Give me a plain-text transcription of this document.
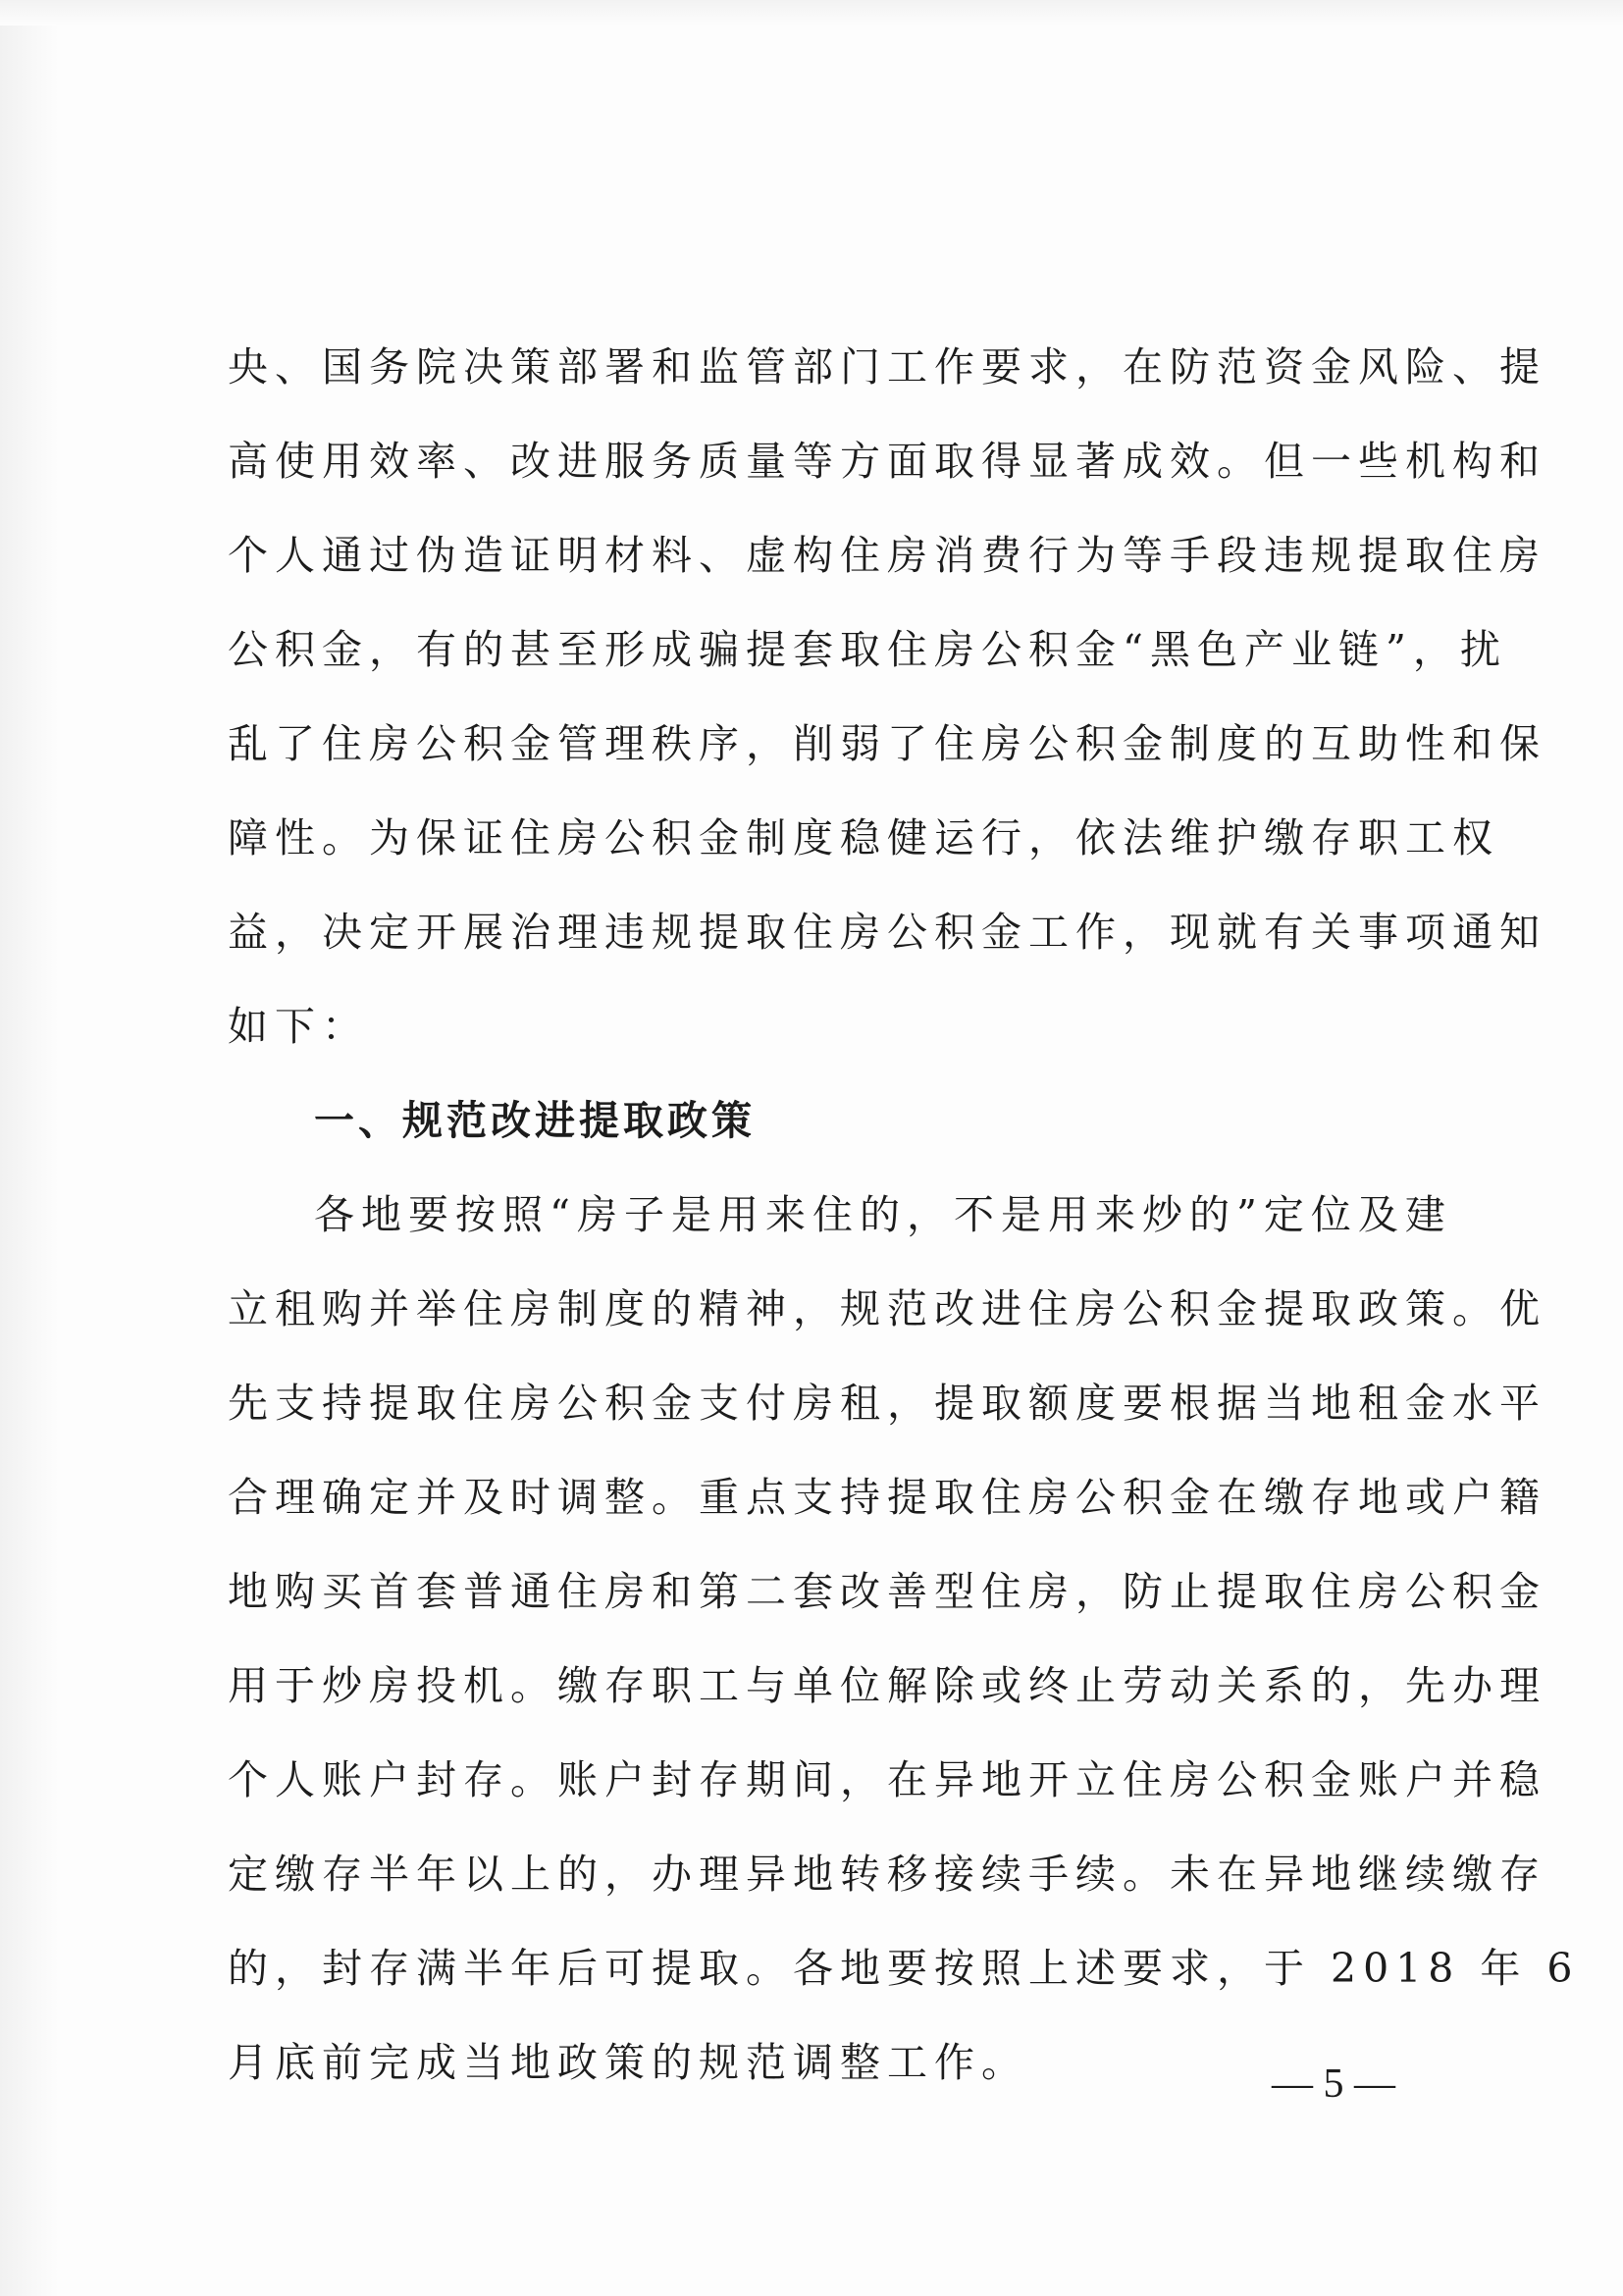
央、国务院决策部署和监管部门工作要求，在防范资金风险、提
高使用效率、改进服务质量等方面取得显著成效。但一些机构和
个人通过伪造证明材料、虚构住房消费行为等手段违规提取住房
公积金，有的甚至形成骗提套取住房公积金“黑色产业链”，扰
乱了住房公积金管理秩序，削弱了住房公积金制度的互助性和保
障性。为保证住房公积金制度稳健运行，依法维护缴存职工权
益，决定开展治理违规提取住房公积金工作，现就有关事项通知
如下：
一、规范改进提取政策
各地要按照“房子是用来住的，不是用来炒的”定位及建
立租购并举住房制度的精神，规范改进住房公积金提取政策。优
先支持提取住房公积金支付房租，提取额度要根据当地租金水平
合理确定并及时调整。重点支持提取住房公积金在缴存地或户籍
地购买首套普通住房和第二套改善型住房，防止提取住房公积金
用于炒房投机。缴存职工与单位解除或终止劳动关系的，先办理
个人账户封存。账户封存期间，在异地开立住房公积金账户并稳
定缴存半年以上的，办理异地转移接续手续。未在异地继续缴存
的，封存满半年后可提取。各地要按照上述要求，于 2018 年 6
月底前完成当地政策的规范调整工作。	— 5 —
